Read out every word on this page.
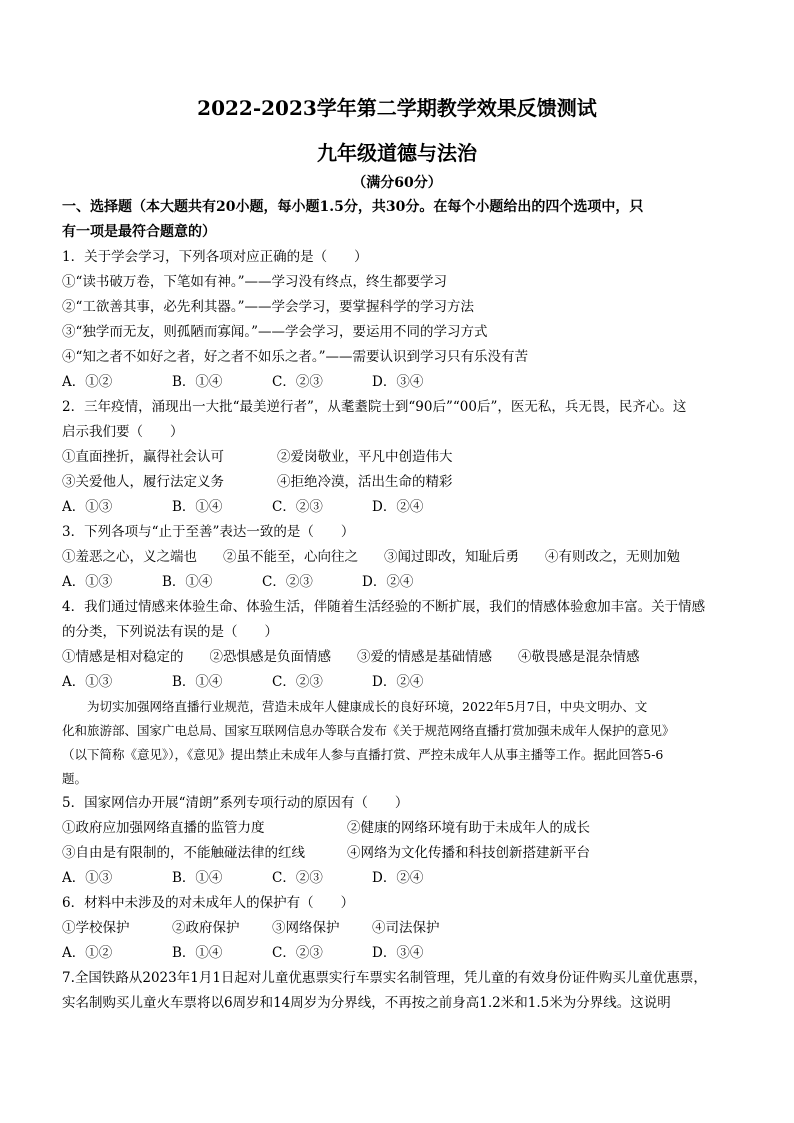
2022-2023学年第二学期教学效果反馈测试
九年级道德与法治
（满分60分）
一、选择题（本大题共有20小题，每小题1.5分，共30分。在每个小题给出的四个选项中，只
有一项是最符合题意的）
1．关于学会学习，下列各项对应正确的是（　　）
①“读书破万卷，下笔如有神。”——学习没有终点，终生都要学习
②“工欲善其事，必先利其器。”——学会学习，要掌握科学的学习方法
③“独学而无友，则孤陋而寡闻。”——学会学习，要运用不同的学习方式
④“知之者不如好之者，好之者不如乐之者。”——需要认识到学习只有乐没有苦
A．①②	B．①④	C．②③	D．③④
2．三年疫情，涌现出一大批“最美逆行者”，从耄耋院士到“90后”“00后”，医无私，兵无畏，民齐心。这
启示我们要（　　）
①直面挫折，赢得社会认可	②爱岗敬业，平凡中创造伟大
③关爱他人，履行法定义务	④拒绝冷漠，活出生命的精彩
A．①③	B．①④	C．②③	D．②④
3．下列各项与“止于至善”表达一致的是（　　）
①羞恶之心，义之端也 ②虽不能至，心向往之 ③闻过即改，知耻后勇 ④有则改之，无则加勉
A．①③	B．①④	C．②③	D．②④
4．我们通过情感来体验生命、体验生活，伴随着生活经验的不断扩展，我们的情感体验愈加丰富。关于情感
的分类，下列说法有误的是（　　）
①情感是相对稳定的 ②恐惧感是负面情感 ③爱的情感是基础情感 ④敬畏感是混杂情感
A．①③	B．①④	C．②③	D．②④
为切实加强网络直播行业规范，营造未成年人健康成长的良好环境，2022年5月7日，中央文明办、文
化和旅游部、国家广电总局、国家互联网信息办等联合发布《关于规范网络直播打赏加强未成年人保护的意见》
（以下简称《意见》），《意见》提出禁止未成年人参与直播打赏、严控未成年人从事主播等工作。据此回答5-6
题。
5．国家网信办开展“清朗”系列专项行动的原因有（　　）
①政府应加强网络直播的监管力度	②健康的网络环境有助于未成年人的成长
③自由是有限制的，不能触碰法律的红线	④网络为文化传播和科技创新搭建新平台
A．①③	B．①④	C．②③	D．②④
6．材料中未涉及的对未成年人的保护有（　　）
①学校保护	②政府保护	③网络保护	④司法保护
A．①②	B．①④	C．②③	D．③④
7.全国铁路从2023年1月1日起对儿童优惠票实行车票实名制管理，凭儿童的有效身份证件购买儿童优惠票，
实名制购买儿童火车票将以6周岁和14周岁为分界线，不再按之前身高1.2米和1.5米为分界线。这说明
